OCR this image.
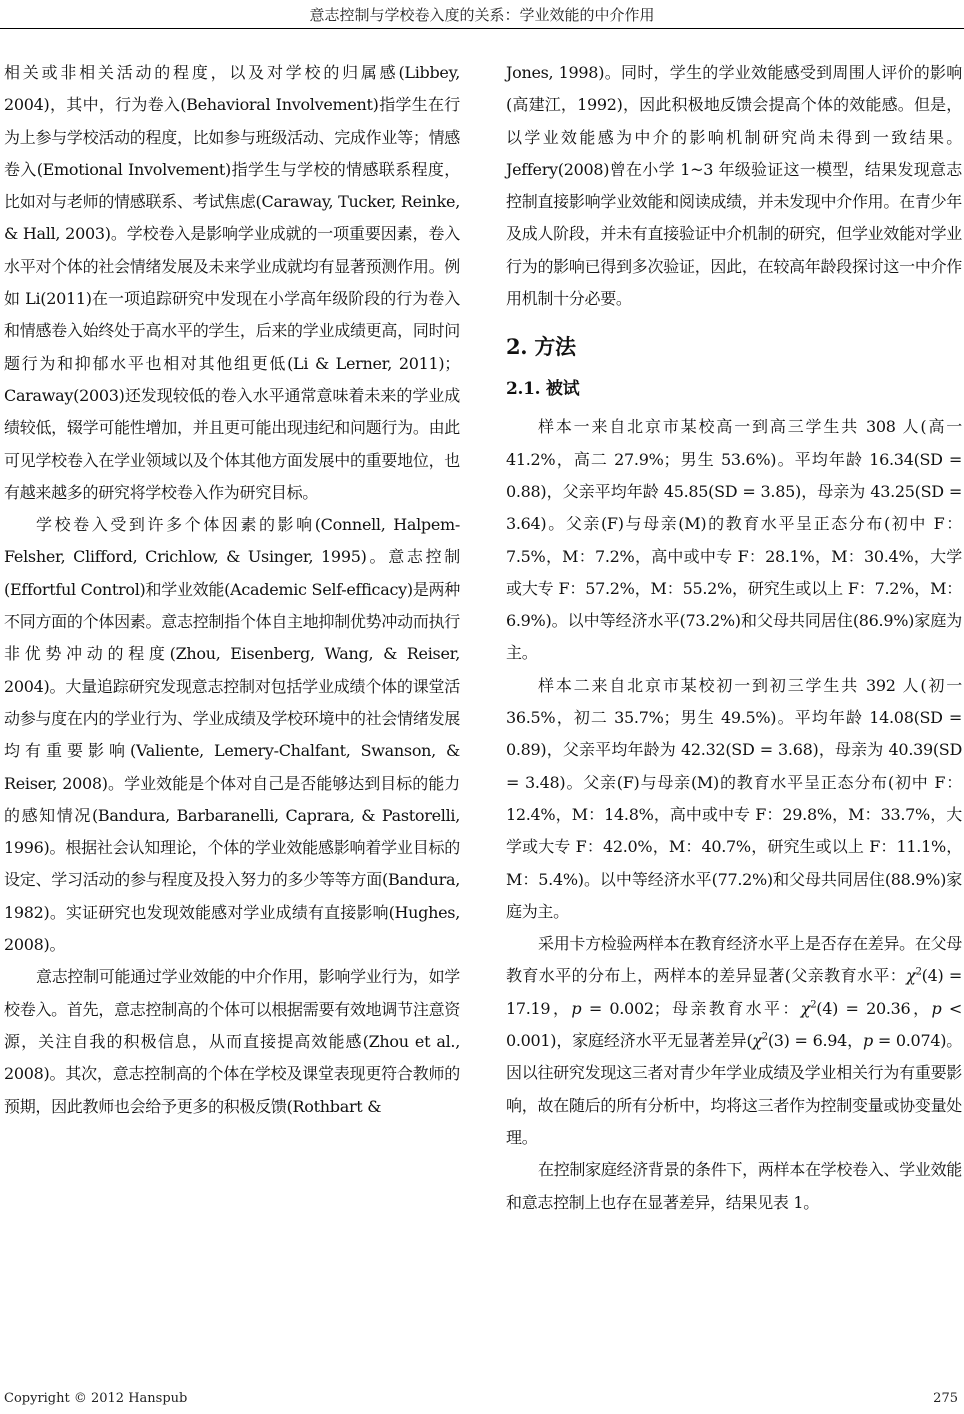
意志控制与学校卷入度的关系：学业效能的中介作用

相关或非相关活动的程度，以及对学校的归属感(Libbey, 2004)，其中，行为卷入(Behavioral Involvement)指学生在行为上参与学校活动的程度，比如参与班级活动、完成作业等；情感卷入(Emotional Involvement)指学生与学校的情感联系程度，比如对与老师的情感联系、考试焦虑(Caraway, Tucker, Reinke, & Hall, 2003)。学校卷入是影响学业成就的一项重要因素，卷入水平对个体的社会情绪发展及未来学业成就均有显著预测作用。例如 Li(2011)在一项追踪研究中发现在小学高年级阶段的行为卷入和情感卷入始终处于高水平的学生，后来的学业成绩更高，同时问题行为和抑郁水平也相对其他组更低(Li & Lerner, 2011)；Caraway(2003)还发现较低的卷入水平通常意味着未来的学业成绩较低，辍学可能性增加，并且更可能出现违纪和问题行为。由此可见学校卷入在学业领域以及个体其他方面发展中的重要地位，也有越来越多的研究将学校卷入作为研究目标。

学校卷入受到许多个体因素的影响(Connell, Halpem-Felsher, Clifford, Crichlow, & Usinger, 1995)。意志控制(Effortful Control)和学业效能(Academic Self-efficacy)是两种不同方面的个体因素。意志控制指个体自主地抑制优势冲动而执行非优势冲动的程度(Zhou, Eisenberg, Wang, & Reiser, 2004)。大量追踪研究发现意志控制对包括学业成绩个体的课堂活动参与度在内的学业行为、学业成绩及学校环境中的社会情绪发展均有重要影响(Valiente, Lemery-Chalfant, Swanson, & Reiser, 2008)。学业效能是个体对自己是否能够达到目标的能力的感知情况(Bandura, Barbaranelli, Caprara, & Pastorelli, 1996)。根据社会认知理论，个体的学业效能感影响着学业目标的设定、学习活动的参与程度及投入努力的多少等等方面(Bandura, 1982)。实证研究也发现效能感对学业成绩有直接影响(Hughes, 2008)。

意志控制可能通过学业效能的中介作用，影响学业行为，如学校卷入。首先，意志控制高的个体可以根据需要有效地调节注意资源，关注自我的积极信息，从而直接提高效能感(Zhou et al., 2008)。其次，意志控制高的个体在学校及课堂表现更符合教师的预期，因此教师也会给予更多的积极反馈(Rothbart &

Jones, 1998)。同时，学生的学业效能感受到周围人评价的影响(高建江，1992)，因此积极地反馈会提高个体的效能感。但是，以学业效能感为中介的影响机制研究尚未得到一致结果。Jeffery(2008)曾在小学 1~3 年级验证这一模型，结果发现意志控制直接影响学业效能和阅读成绩，并未发现中介作用。在青少年及成人阶段，并未有直接验证中介机制的研究，但学业效能对学业行为的影响已得到多次验证，因此，在较高年龄段探讨这一中介作用机制十分必要。

2. 方法
2.1. 被试

样本一来自北京市某校高一到高三学生共 308 人(高一 41.2%，高二 27.9%；男生 53.6%)。平均年龄 16.34(SD = 0.88)，父亲平均年龄 45.85(SD = 3.85)，母亲为 43.25(SD = 3.64)。父亲(F)与母亲(M)的教育水平呈正态分布(初中 F：7.5%，M：7.2%，高中或中专 F：28.1%，M：30.4%，大学或大专 F：57.2%，M：55.2%，研究生或以上 F：7.2%，M：6.9%)。以中等经济水平(73.2%)和父母共同居住(86.9%)家庭为主。

样本二来自北京市某校初一到初三学生共 392 人(初一 36.5%，初二 35.7%；男生 49.5%)。平均年龄 14.08(SD = 0.89)，父亲平均年龄为 42.32(SD = 3.68)，母亲为 40.39(SD = 3.48)。父亲(F)与母亲(M)的教育水平呈正态分布(初中 F：12.4%，M：14.8%，高中或中专 F：29.8%，M：33.7%，大学或大专 F：42.0%，M：40.7%，研究生或以上 F：11.1%，M：5.4%)。以中等经济水平(77.2%)和父母共同居住(88.9%)家庭为主。

采用卡方检验两样本在教育经济水平上是否存在差异。在父母教育水平的分布上，两样本的差异显著(父亲教育水平：$\chi^2(4) = 17.19$，p = 0.002；母亲教育水平：$\chi^2(4) = 20.36$，p < 0.001)，家庭经济水平无显著差异($\chi^2(3) = 6.94$，p = 0.074)。因以往研究发现这三者对青少年学业成绩及学业相关行为有重要影响，故在随后的所有分析中，均将这三者作为控制变量或协变量处理。

在控制家庭经济背景的条件下，两样本在学校卷入、学业效能和意志控制上也存在显著差异，结果见表 1。

Copyright © 2012 Hanspub	275
